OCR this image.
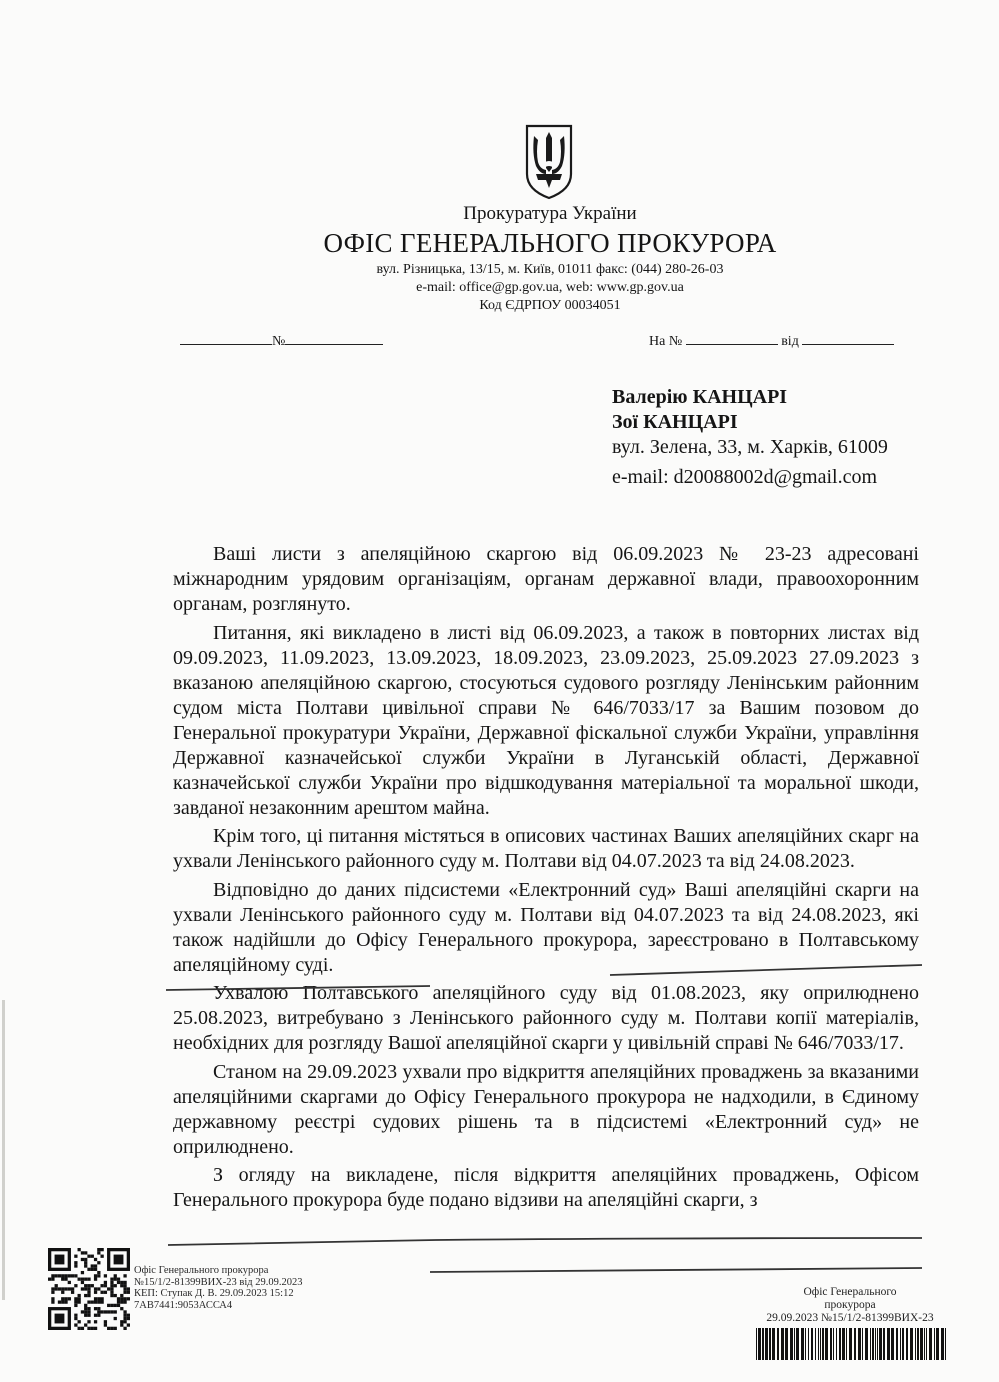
Прокуратура України
ОФІС ГЕНЕРАЛЬНОГО ПРОКУРОРА
вул. Різницька, 13/15, м. Київ, 01011 факс: (044) 280-26-03
e-mail: office@gp.gov.ua, web: www.gp.gov.ua
Код ЄДРПОУ 00034051
№	На №	від
Валерію КАНЦАРІ
Зої КАНЦАРІ
вул. Зелена, 33, м. Харків, 61009
e-mail: d20088002d@gmail.com

Ваші листи з апеляційною скаргою від 06.09.2023 № 23-23 адресовані міжнародним урядовим організаціям, органам державної влади, правоохоронним органам, розглянуто.

Питання, які викладено в листі від 06.09.2023, а також в повторних листах від 09.09.2023, 11.09.2023, 13.09.2023, 18.09.2023, 23.09.2023, 25.09.2023 27.09.2023 з вказаною апеляційною скаргою, стосуються судового розгляду Ленінським районним судом міста Полтави цивільної справи № 646/7033/17 за Вашим позовом до Генеральної прокуратури України, Державної фіскальної служби України, управління Державної казначейської служби України в Луганській області, Державної казначейської служби України про відшкодування матеріальної та моральної шкоди, завданої незаконним арештом майна.

Крім того, ці питання містяться в описових частинах Ваших апеляційних скарг на ухвали Ленінського районного суду м. Полтави від 04.07.2023 та від 24.08.2023.

Відповідно до даних підсистеми «Електронний суд» Ваші апеляційні скарги на ухвали Ленінського районного суду м. Полтави від 04.07.2023 та від 24.08.2023, які також надійшли до Офісу Генерального прокурора, зареєстровано в Полтавському апеляційному суді.

Ухвалою Полтавського апеляційного суду від 01.08.2023, яку оприлюднено 25.08.2023, витребувано з Ленінського районного суду м. Полтави копії матеріалів, необхідних для розгляду Вашої апеляційної скарги у цивільній справі № 646/7033/17.

Станом на 29.09.2023 ухвали про відкриття апеляційних проваджень за вказаними апеляційними скаргами до Офісу Генерального прокурора не надходили, в Єдиному державному реєстрі судових рішень та в підсистемі «Електронний суд» не оприлюднено.

З огляду на викладене, після відкриття апеляційних проваджень, Офісом Генерального прокурора буде подано відзиви на апеляційні скарги, з

Офіс Генерального прокурора
№15/1/2-81399ВИХ-23 від 29.09.2023
КЕП: Ступак Д. В. 29.09.2023 15:12
7АВ7441:9053АССА4
Офіс Генерального
прокурора
29.09.2023 №15/1/2-81399ВИХ-23
